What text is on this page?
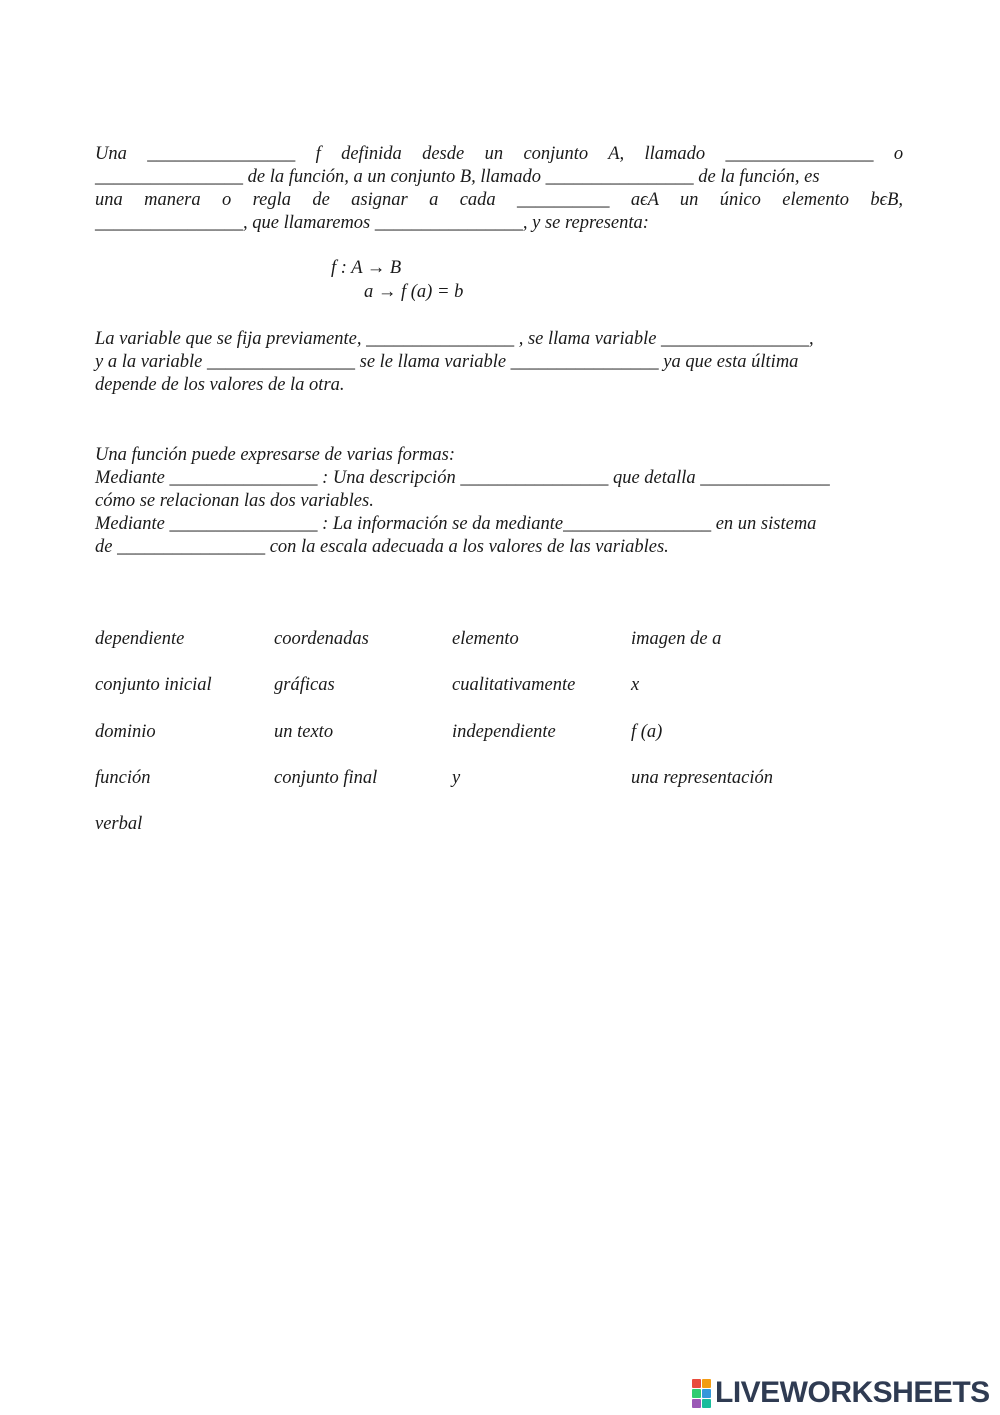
Una ________________ f definida desde un conjunto A, llamado ________________ o
________________ de la función, a un conjunto B, llamado ________________ de la función, es
una manera o regla de asignar a cada __________ aϵA un único elemento bϵB,
________________, que llamaremos ________________, y se representa:
f : A → B
a → f (a) = b
La variable que se fija previamente, ________________ , se llama variable ________________,
y a la variable ________________ se le llama variable ________________ ya que esta última
depende de los valores de la otra.
Una función puede expresarse de varias formas:
Mediante ________________ : Una descripción ________________ que detalla ______________
cómo se relacionan las dos variables.
Mediante ________________ : La información se da mediante________________ en un sistema
de ________________ con la escala adecuada a los valores de las variables.
dependiente	coordenadas	elemento	imagen de a
conjunto inicial	gráficas	cualitativamente	x
dominio	un texto	independiente	f (a)
función	conjunto final	y	una representación
verbal
LIVEWORKSHEETS
